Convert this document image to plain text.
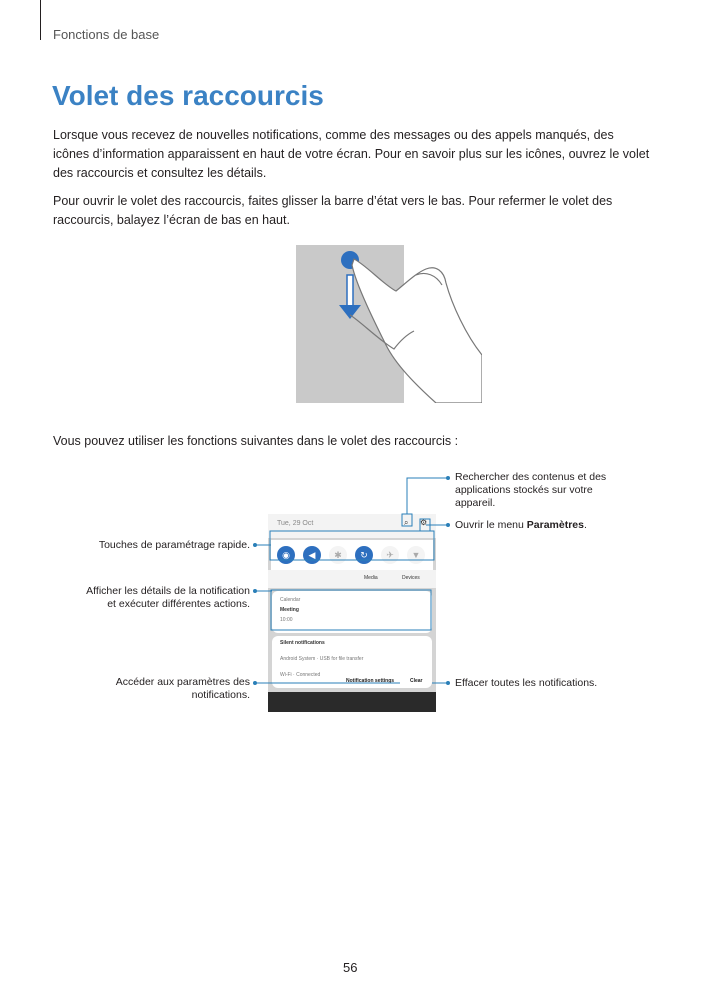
Fonctions de base
Volet des raccourcis

Lorsque vous recevez de nouvelles notifications, comme des messages ou des appels manqués, des icônes d’information apparaissent en haut de votre écran. Pour en savoir plus sur les icônes, ouvrez le volet des raccourcis et consultez les détails.

Pour ouvrir le volet des raccourcis, faites glisser la barre d’état vers le bas. Pour refermer le volet des raccourcis, balayez l’écran de bas en haut.

Vous pouvez utiliser les fonctions suivantes dans le volet des raccourcis :

Tue, 29 Oct	⌕ ⚙
◉	◀	✱	↻	✈	▼
Media	Devices
Calendar
Meeting
10:00
Silent notifications
Android System · USB for file transfer
Wi-Fi · Connected
Notification settings	Clear
Rechercher des contenus et des applications stockés sur votre appareil.
Ouvrir le menu Paramètres.
Touches de paramétrage rapide.
Afficher les détails de la notification
et exécuter différentes actions.
Accéder aux paramètres des
notifications.
Effacer toutes les notifications.
56
